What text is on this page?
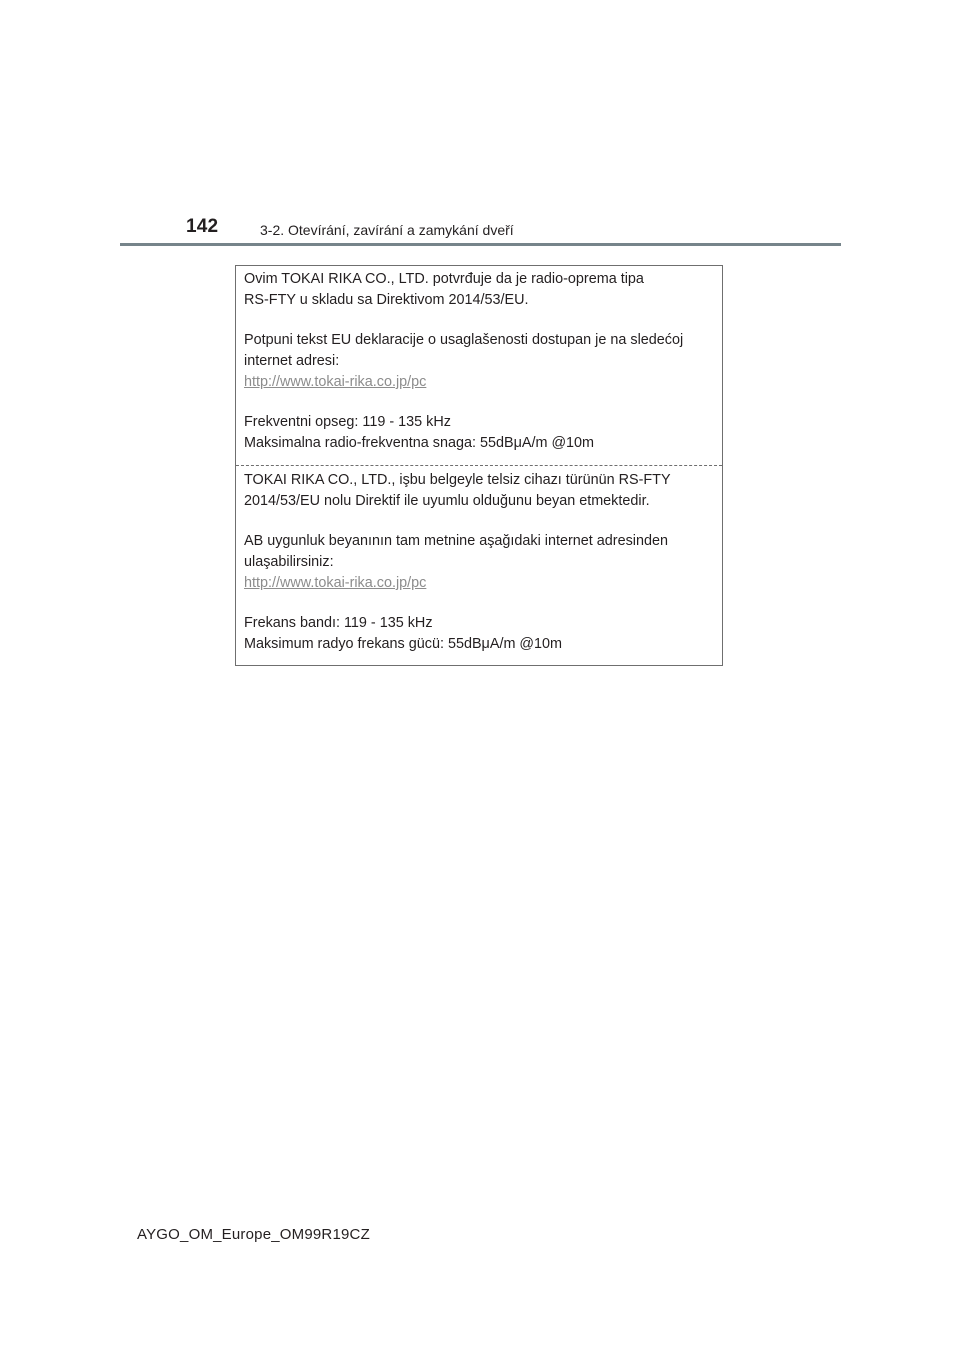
142	3-2. Otevírání, zavírání a zamykání dveří

Ovim TOKAI RIKA CO., LTD. potvrđuje da je radio-oprema tipa
RS-FTY u skladu sa Direktivom 2014/53/EU.

Potpuni tekst EU deklaracije o usaglašenosti dostupan je na sledećoj
internet adresi:
http://www.tokai-rika.co.jp/pc

Frekventni opseg: 119 - 135 kHz
Maksimalna radio-frekventna snaga: 55dBμA/m @10m

TOKAI RIKA CO., LTD., işbu belgeyle telsiz cihazı türünün RS-FTY
2014/53/EU nolu Direktif ile uyumlu olduğunu beyan etmektedir.

AB uygunluk beyanının tam metnine aşağıdaki internet adresinden
ulaşabilirsiniz:
http://www.tokai-rika.co.jp/pc

Frekans bandı: 119 - 135 kHz
Maksimum radyo frekans gücü: 55dBμA/m @10m

AYGO_OM_Europe_OM99R19CZ
